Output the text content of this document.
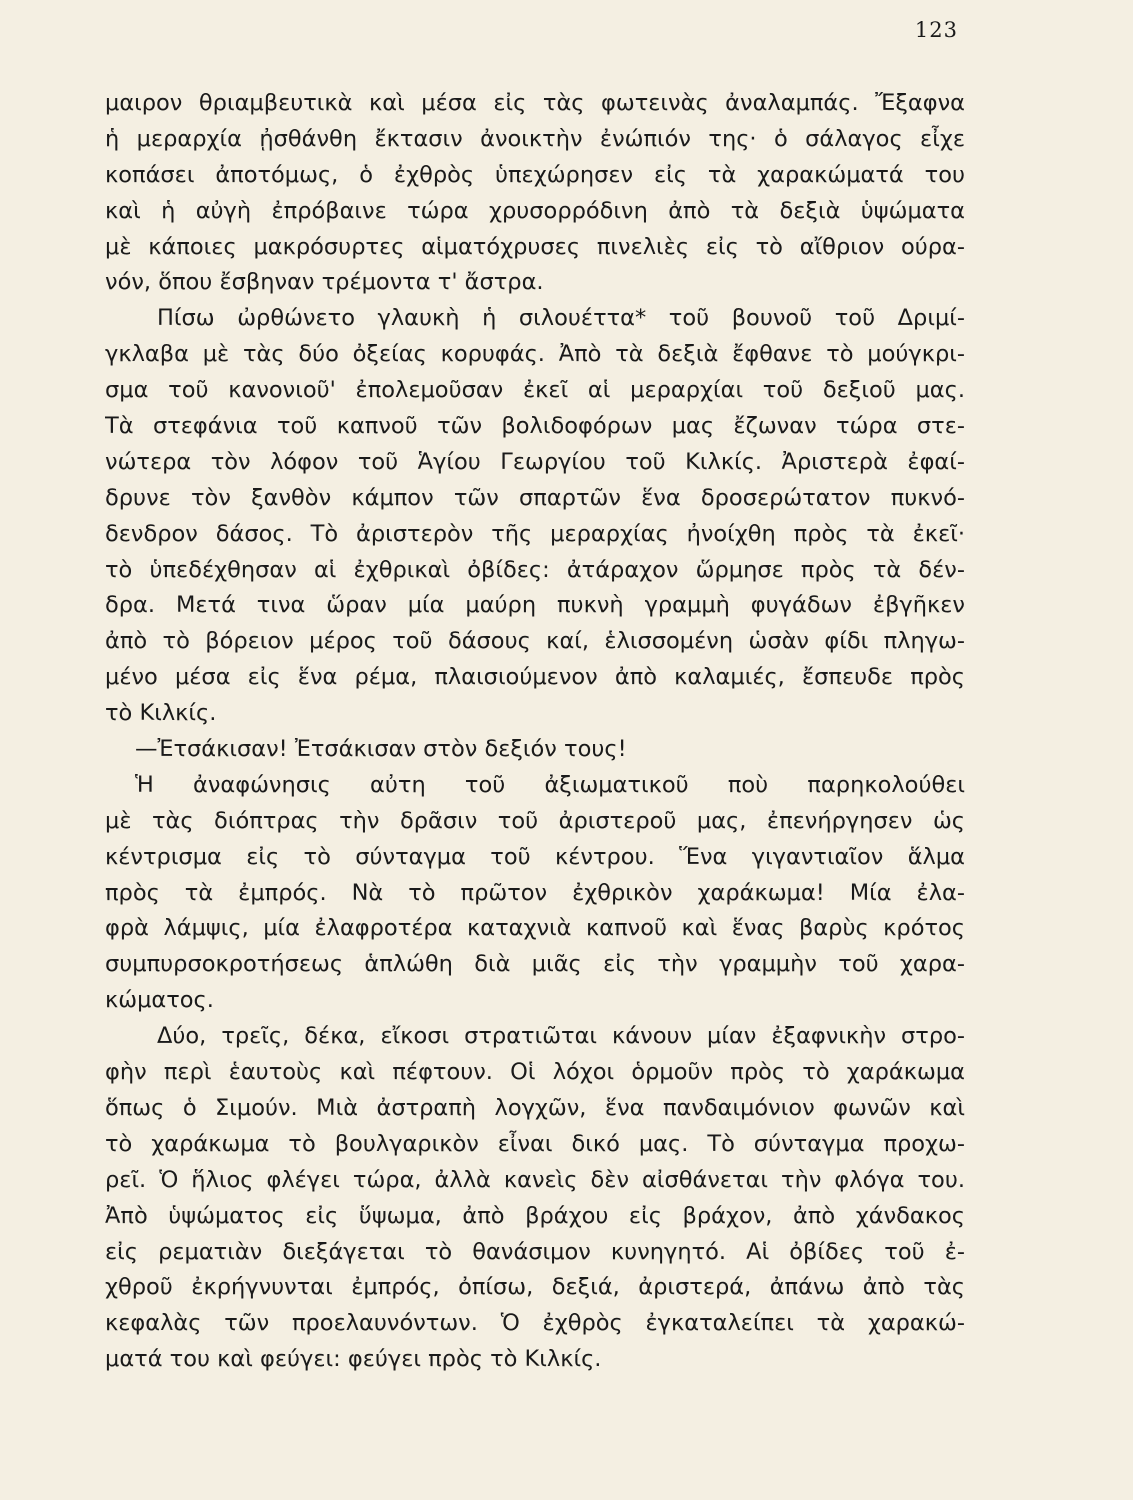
123
μαιρον θριαμβευτικὰ καὶ μέσα εἰς τὰς φωτεινὰς ἀναλαμπάς. Ἔξαφνα
ἡ μεραρχία ᾐσθάνθη ἔκτασιν ἀνοικτὴν ἐνώπιόν της· ὁ σάλαγος εἶχε
κοπάσει ἀποτόμως, ὁ ἐχθρὸς ὑπεχώρησεν εἰς τὰ χαρακώματά του
καὶ ἡ αὐγὴ ἐπρόβαινε τώρα χρυσορρόδινη ἀπὸ τὰ δεξιὰ ὑψώματα
μὲ κάποιες μακρόσυρτες αἱματόχρυσες πινελιὲς εἰς τὸ αἴθριον ούρα-
νόν, ὅπου ἔσβηναν τρέμοντα τ' ἄστρα.
Πίσω ὠρθώνετο γλαυκὴ ἡ σιλουέττα* τοῦ βουνοῦ τοῦ Δριμί-
γκλαβα μὲ τὰς δύο ὀξείας κορυφάς. Ἀπὸ τὰ δεξιὰ ἔφθανε τὸ μούγκρι-
σμα τοῦ κανονιοῦ' ἐπολεμοῦσαν ἐκεῖ αἱ μεραρχίαι τοῦ δεξιοῦ μας.
Τὰ στεφάνια τοῦ καπνοῦ τῶν βολιδοφόρων μας ἔζωναν τώρα στε-
νώτερα τὸν λόφον τοῦ Ἁγίου Γεωργίου τοῦ Κιλκίς. Ἀριστερὰ ἐφαί-
δρυνε τὸν ξανθὸν κάμπον τῶν σπαρτῶν ἕνα δροσερώτατον πυκνό-
δενδρον δάσος. Τὸ ἀριστερὸν τῆς μεραρχίας ἠνοίχθη πρὸς τὰ ἐκεῖ·
τὸ ὑπεδέχθησαν αἱ ἐχθρικαὶ ὀβίδες: ἀτάραχον ὥρμησε πρὸς τὰ δέν-
δρα. Μετά τινα ὥραν μία μαύρη πυκνὴ γραμμὴ φυγάδων ἐβγῆκεν
ἀπὸ τὸ βόρειον μέρος τοῦ δάσους καί, ἑλισσομένη ὡσὰν φίδι πληγω-
μένο μέσα εἰς ἕνα ρέμα, πλαισιούμενον ἀπὸ καλαμιές, ἔσπευδε πρὸς
τὸ Κιλκίς.
—Ἐτσάκισαν! Ἐτσάκισαν στὸν δεξιόν τους!
Ἡ ἀναφώνησις αὐτη τοῦ ἀξιωματικοῦ ποὺ παρηκολούθει
μὲ τὰς διόπτρας τὴν δρᾶσιν τοῦ ἀριστεροῦ μας, ἐπενήργησεν ὡς
κέντρισμα εἰς τὸ σύνταγμα τοῦ κέντρου. Ἕνα γιγαντιαῖον ἅλμα
πρὸς τὰ ἐμπρός. Νὰ τὸ πρῶτον ἐχθρικὸν χαράκωμα! Μία ἐλα-
φρὰ λάμψις, μία ἐλαφροτέρα καταχνιὰ καπνοῦ καὶ ἕνας βαρὺς κρότος
συμπυρσοκροτήσεως ἁπλώθη διὰ μιᾶς εἰς τὴν γραμμὴν τοῦ χαρα-
κώματος.
Δύο, τρεῖς, δέκα, εἴκοσι στρατιῶται κάνουν μίαν ἐξαφνικὴν στρο-
φὴν περὶ ἑαυτοὺς καὶ πέφτουν. Οἱ λόχοι ὁρμοῦν πρὸς τὸ χαράκωμα
ὅπως ὁ Σιμούν. Μιὰ ἀστραπὴ λογχῶν, ἕνα πανδαιμόνιον φωνῶν καὶ
τὸ χαράκωμα τὸ βουλγαρικὸν εἶναι δικό μας. Τὸ σύνταγμα προχω-
ρεῖ. Ὁ ἥλιος φλέγει τώρα, ἀλλὰ κανεὶς δὲν αἰσθάνεται τὴν φλόγα του.
Ἀπὸ ὑψώματος εἰς ὕψωμα, ἀπὸ βράχου εἰς βράχον, ἀπὸ χάνδακος
εἰς ρεματιὰν διεξάγεται τὸ θανάσιμον κυνηγητό. Αἱ ὀβίδες τοῦ ἐ-
χθροῦ ἐκρήγνυνται ἐμπρός, ὀπίσω, δεξιά, ἀριστερά, ἀπάνω ἀπὸ τὰς
κεφαλὰς τῶν προελαυνόντων. Ὁ ἐχθρὸς ἐγκαταλείπει τὰ χαρακώ-
ματά του καὶ φεύγει: φεύγει πρὸς τὸ Κιλκίς.
